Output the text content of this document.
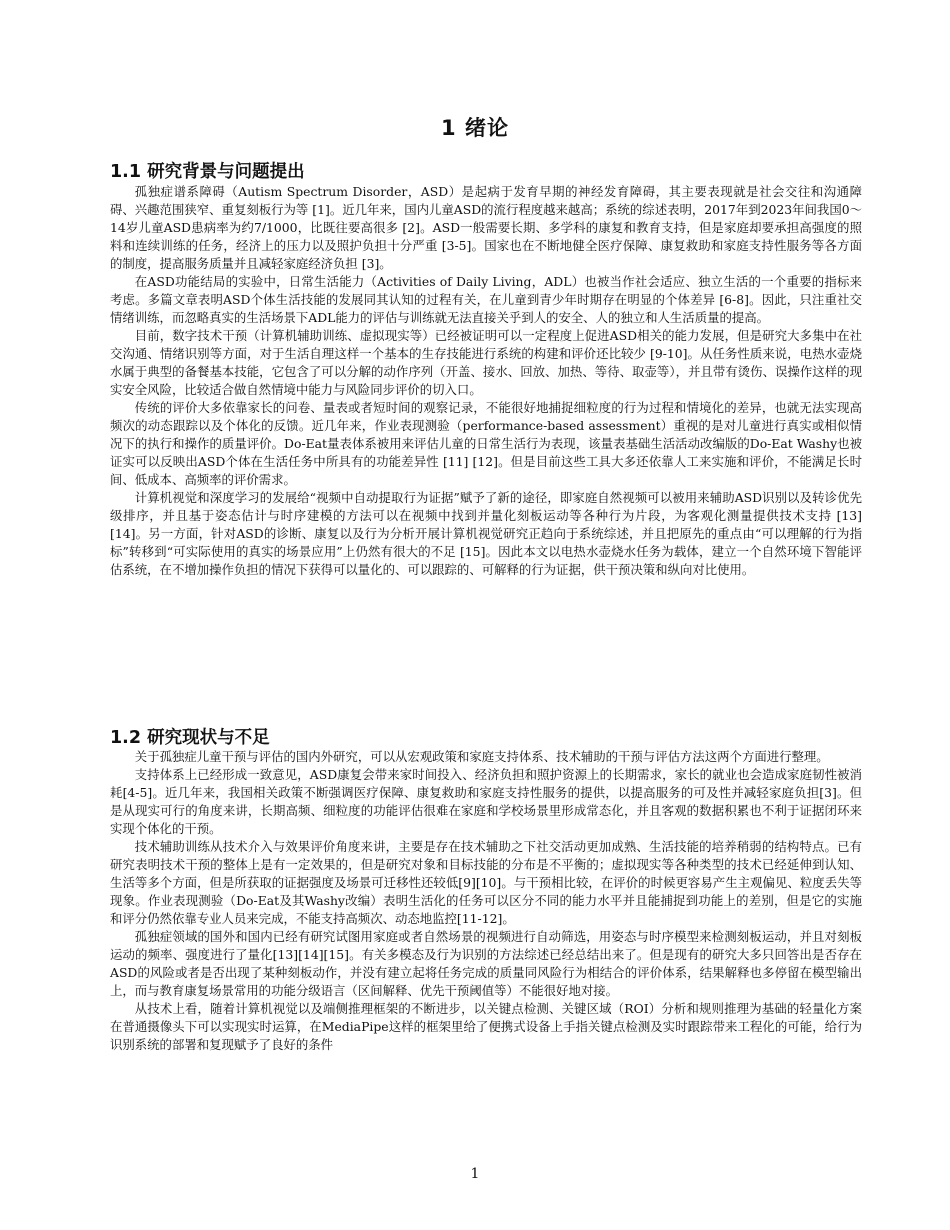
1 绪论
1.1 研究背景与问题提出

孤独症谱系障碍（Autism Spectrum Disorder，ASD）是起病于发育早期的神经发育障碍，其主要表现就是社会交往和沟通障碍、兴趣范围狭窄、重复刻板行为等 [1]。近几年来，国内儿童ASD的流行程度越来越高；系统的综述表明，2017年到2023年间我国0～14岁儿童ASD患病率为约7/1000，比既往要高很多 [2]。ASD一般需要长期、多学科的康复和教育支持，但是家庭却要承担高强度的照料和连续训练的任务，经济上的压力以及照护负担十分严重 [3-5]。国家也在不断地健全医疗保障、康复救助和家庭支持性服务等各方面的制度，提高服务质量并且减轻家庭经济负担 [3]。

在ASD功能结局的实验中，日常生活能力（Activities of Daily Living，ADL）也被当作社会适应、独立生活的一个重要的指标来考虑。多篇文章表明ASD个体生活技能的发展同其认知的过程有关，在儿童到青少年时期存在明显的个体差异 [6-8]。因此，只注重社交情绪训练，而忽略真实的生活场景下ADL能力的评估与训练就无法直接关乎到人的安全、人的独立和人生活质量的提高。

目前，数字技术干预（计算机辅助训练、虚拟现实等）已经被证明可以一定程度上促进ASD相关的能力发展，但是研究大多集中在社交沟通、情绪识别等方面，对于生活自理这样一个基本的生存技能进行系统的构建和评价还比较少 [9-10]。从任务性质来说，电热水壶烧水属于典型的备餐基本技能，它包含了可以分解的动作序列（开盖、接水、回放、加热、等待、取壶等），并且带有烫伤、误操作这样的现实安全风险，比较适合做自然情境中能力与风险同步评价的切入口。

传统的评价大多依靠家长的问卷、量表或者短时间的观察记录，不能很好地捕捉细粒度的行为过程和情境化的差异，也就无法实现高频次的动态跟踪以及个体化的反馈。近几年来，作业表现测验（performance-based assessment）重视的是对儿童进行真实或相似情况下的执行和操作的质量评价。Do-Eat量表体系被用来评估儿童的日常生活行为表现，该量表基础生活活动改编版的Do-Eat Washy也被证实可以反映出ASD个体在生活任务中所具有的功能差异性 [11] [12]。但是目前这些工具大多还依靠人工来实施和评价，不能满足长时间、低成本、高频率的评价需求。

计算机视觉和深度学习的发展给“视频中自动提取行为证据”赋予了新的途径，即家庭自然视频可以被用来辅助ASD识别以及转诊优先级排序，并且基于姿态估计与时序建模的方法可以在视频中找到并量化刻板运动等各种行为片段，为客观化测量提供技术支持 [13] [14]。另一方面，针对ASD的诊断、康复以及行为分析开展计算机视觉研究正趋向于系统综述，并且把原先的重点由“可以理解的行为指标”转移到“可实际使用的真实的场景应用”上仍然有很大的不足 [15]。因此本文以电热水壶烧水任务为载体，建立一个自然环境下智能评估系统，在不增加操作负担的情况下获得可以量化的、可以跟踪的、可解释的行为证据，供干预决策和纵向对比使用。

1.2 研究现状与不足

关于孤独症儿童干预与评估的国内外研究，可以从宏观政策和家庭支持体系、技术辅助的干预与评估方法这两个方面进行整理。

支持体系上已经形成一致意见，ASD康复会带来家时间投入、经济负担和照护资源上的长期需求，家长的就业也会造成家庭韧性被消耗[4-5]。近几年来，我国相关政策不断强调医疗保障、康复救助和家庭支持性服务的提供，以提高服务的可及性并减轻家庭负担[3]。但是从现实可行的角度来讲，长期高频、细粒度的功能评估很难在家庭和学校场景里形成常态化，并且客观的数据积累也不利于证据闭环来实现个体化的干预。

技术辅助训练从技术介入与效果评价角度来讲，主要是存在技术辅助之下社交活动更加成熟、生活技能的培养稍弱的结构特点。已有研究表明技术干预的整体上是有一定效果的，但是研究对象和目标技能的分布是不平衡的；虚拟现实等各种类型的技术已经延伸到认知、生活等多个方面，但是所获取的证据强度及场景可迁移性还较低[9][10]。与干预相比较，在评价的时候更容易产生主观偏见、粒度丢失等现象。作业表现测验（Do-Eat及其Washy改编）表明生活化的任务可以区分不同的能力水平并且能捕捉到功能上的差别，但是它的实施和评分仍然依靠专业人员来完成，不能支持高频次、动态地监控[11-12]。

孤独症领域的国外和国内已经有研究试图用家庭或者自然场景的视频进行自动筛选，用姿态与时序模型来检测刻板运动，并且对刻板运动的频率、强度进行了量化[13][14][15]。有关多模态及行为识别的方法综述已经总结出来了。但是现有的研究大多只回答出是否存在ASD的风险或者是否出现了某种刻板动作，并没有建立起将任务完成的质量同风险行为相结合的评价体系，结果解释也多停留在模型输出上，而与教育康复场景常用的功能分级语言（区间解释、优先干预阈值等）不能很好地对接。

从技术上看，随着计算机视觉以及端侧推理框架的不断进步，以关键点检测、关键区域（ROI）分析和规则推理为基础的轻量化方案在普通摄像头下可以实现实时运算，在MediaPipe这样的框架里给了便携式设备上手指关键点检测及实时跟踪带来工程化的可能，给行为识别系统的部署和复现赋予了良好的条件

1
